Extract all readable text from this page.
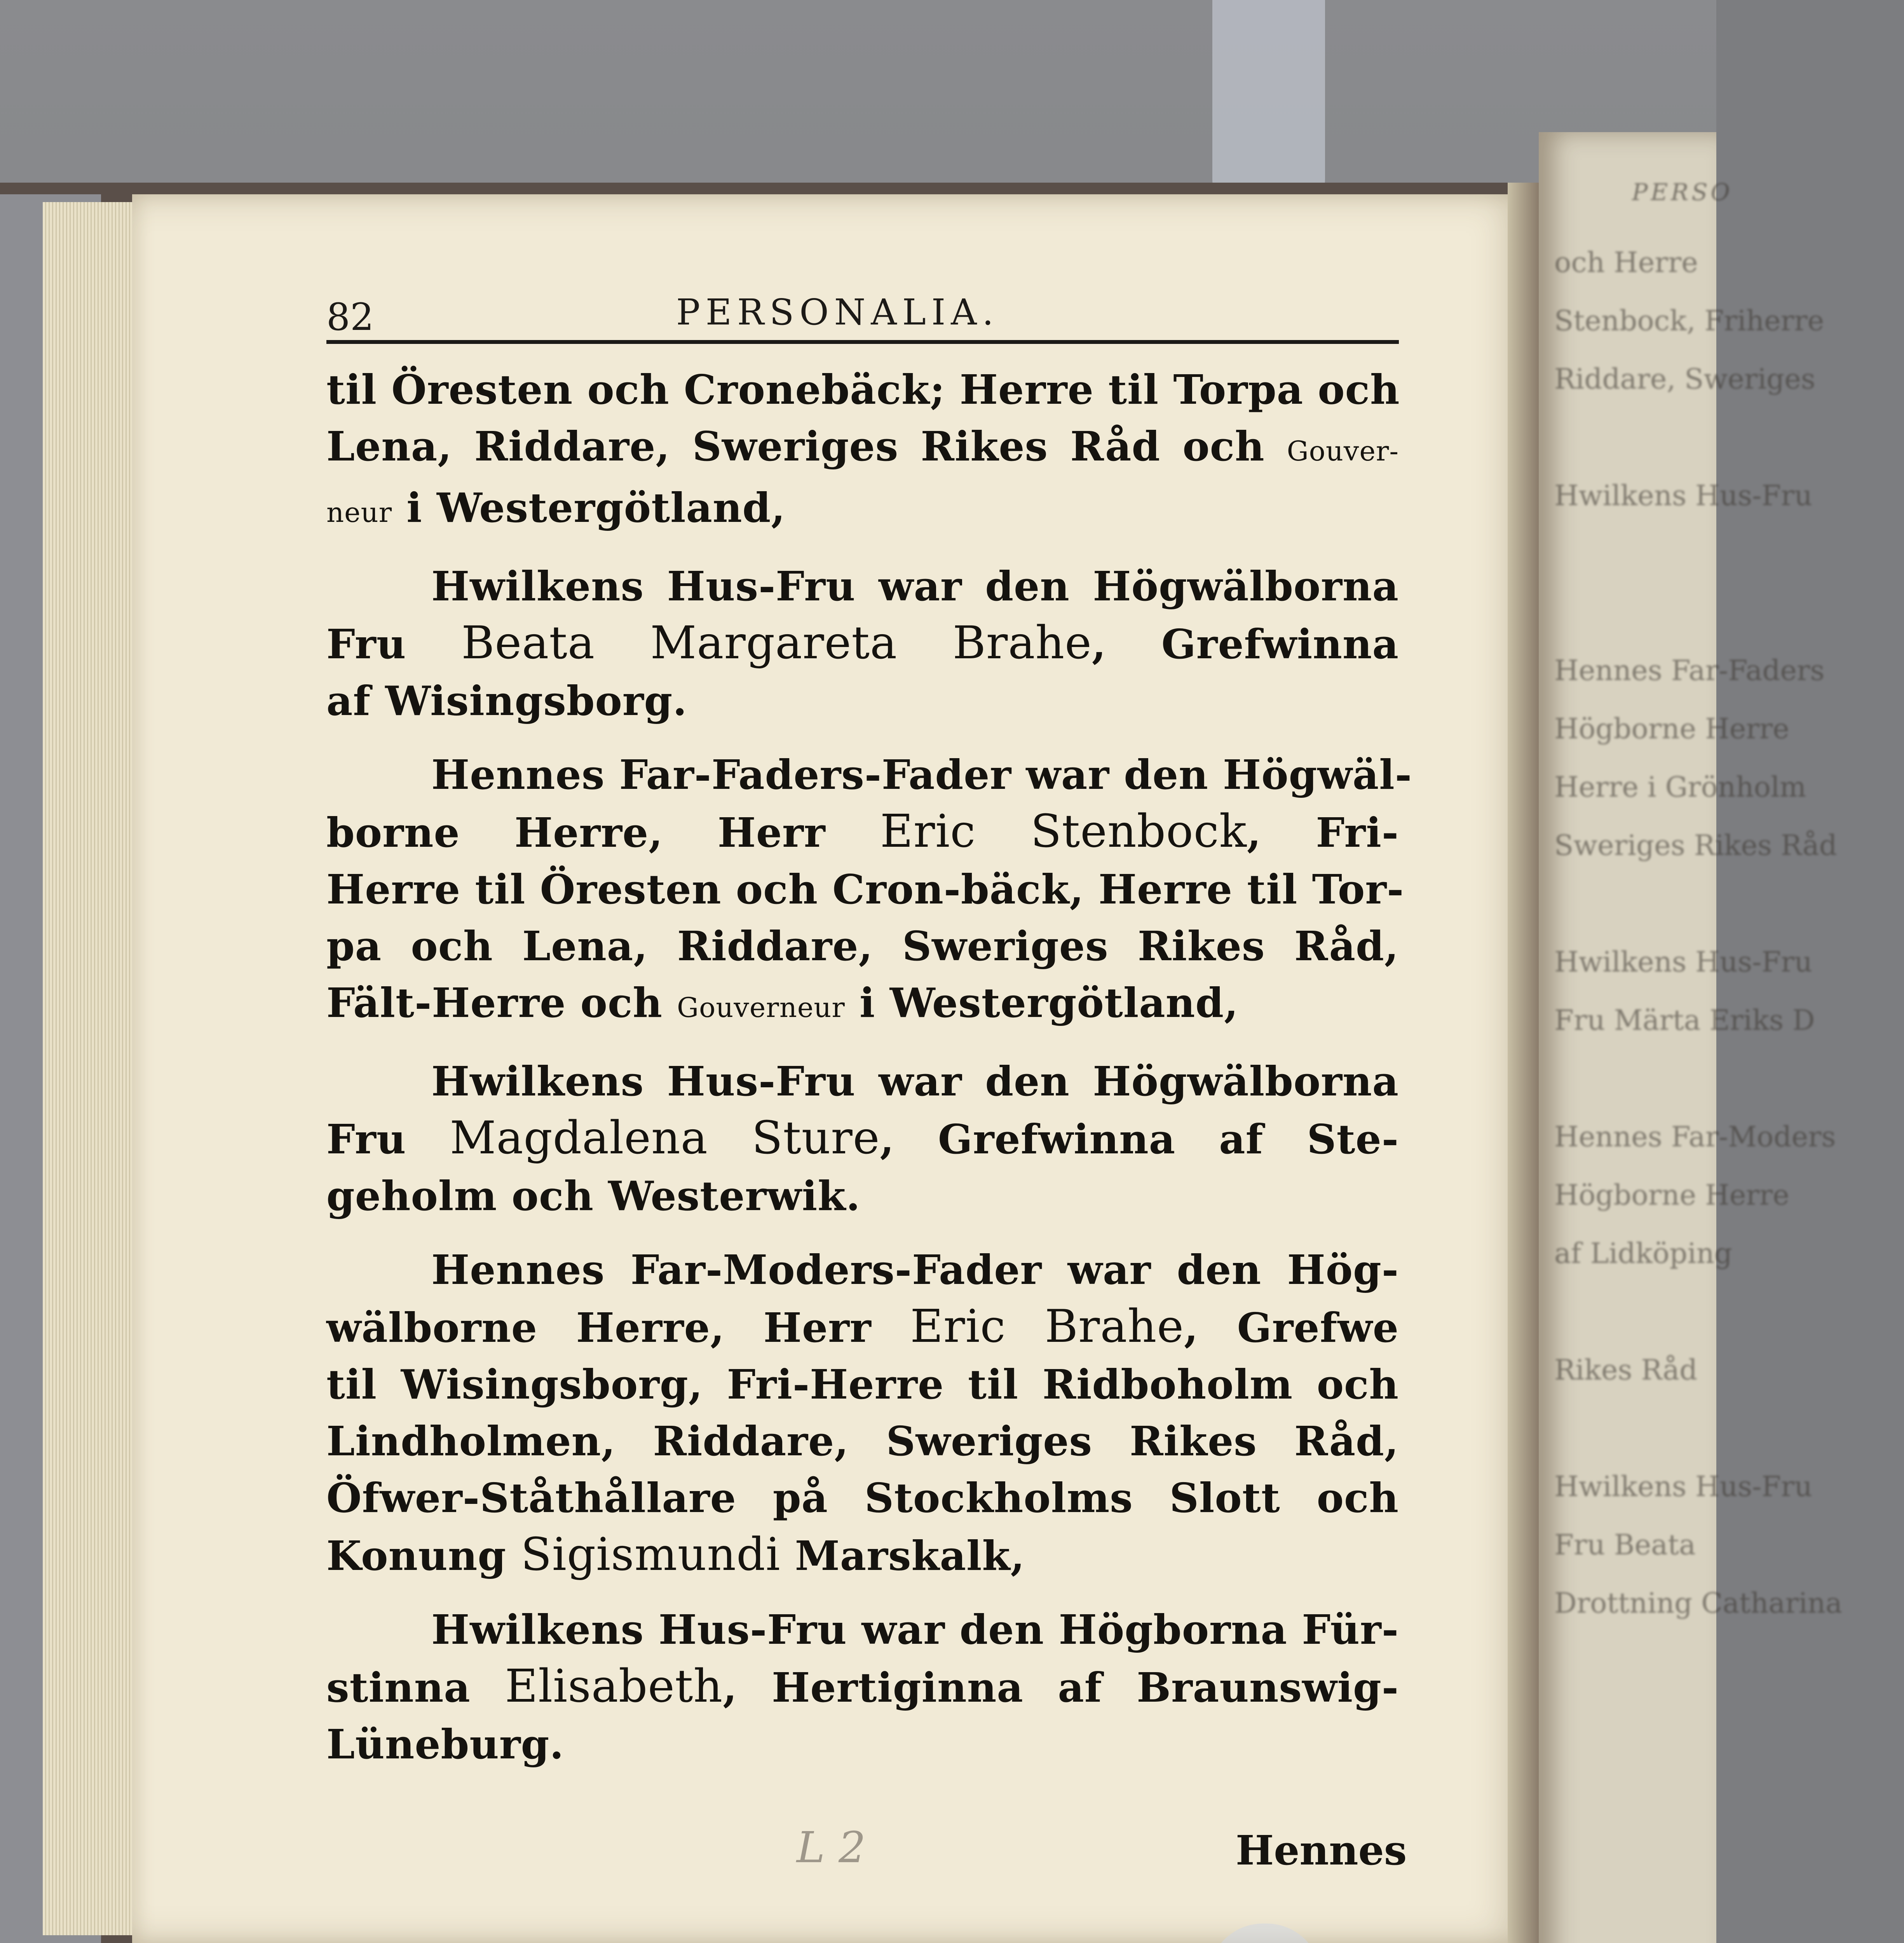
PERSO
och Herre
Stenbock, Friherre
Riddare, Sweriges

Hwilkens Hus-Fru

Hennes Far-Faders
Högborne Herre
Herre i Grönholm
Sweriges Rikes Råd

Hwilkens Hus-Fru
Fru Märta Eriks D

Hennes Far-Moders
Högborne Herre
af Lidköping

Rikes Råd

Hwilkens Hus-Fru
Fru Beata
Drottning Catharina
82	PERSONALIA.
til Öresten och Cronebäck; Herre til Torpa och
Lena, Riddare, Sweriges Rikes Råd och Gouver-
neur i Westergötland,
Hwilkens Hus-Fru war den Högwälborna
Fru Beata Margareta Brahe, Grefwinna
af Wisingsborg.
Hennes Far-Faders-Fader war den Högwäl-
borne Herre, Herr Eric Stenbock, Fri-
Herre til Öresten och Cron-bäck, Herre til Tor-
pa och Lena, Riddare, Sweriges Rikes Råd,
Fält-Herre och Gouverneur i Westergötland,
Hwilkens Hus-Fru war den Högwälborna
Fru Magdalena Sture, Grefwinna af Ste-
geholm och Westerwik.
Hennes Far-Moders-Fader war den Hög-
wälborne Herre, Herr Eric Brahe, Grefwe
til Wisingsborg, Fri-Herre til Ridboholm och
Lindholmen, Riddare, Sweriges Rikes Råd,
Öfwer-Ståthållare på Stockholms Slott och
Konung Sigismundi Marskalk,
Hwilkens Hus-Fru war den Högborna Für-
stinna Elisabeth, Hertiginna af Braunswig-
Lüneburg.
Hennes
L 2
